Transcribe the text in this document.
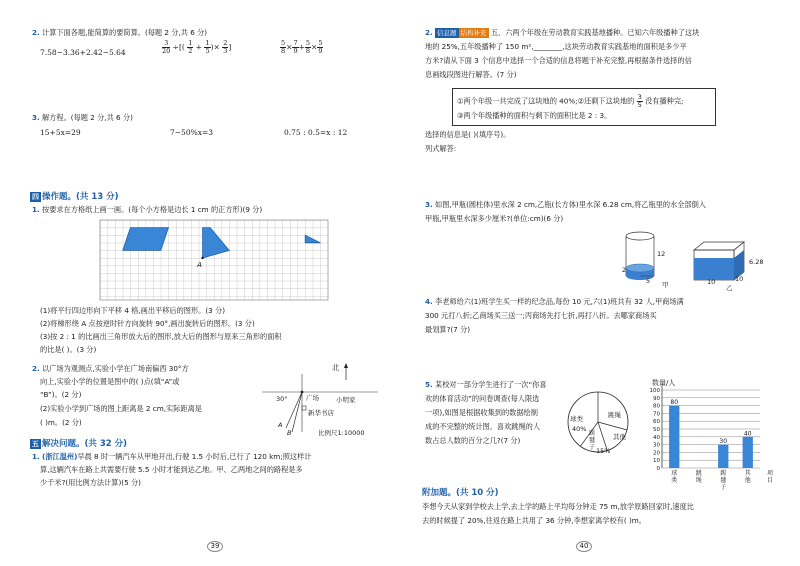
2. 计算下面各题,能简算的要简算。(每题 2 分,共 6 分)
7.58−3.36+2.42−5.64	$\frac{3}{20}$ ÷[( $\frac{1}{2} + \frac{1}{5}$ )× $\frac{2}{3}$ ]	$\frac{5}{8} \times \frac{7}{9} + \frac{5}{8} \times \frac{5}{9}$
3. 解方程。(每题 2 分,共 6 分)
15+5x=29	7−50%x=3	0.75 : 0.5=x : 12
四 操作题。(共 13 分)
1. 按要求在方格纸上画一画。(每个小方格是边长 1 cm 的正方形)(9 分)
A
(1)将平行四边形向下平移 4 格,画出平移后的图形。(3 分)
(2)将梯形绕 A 点按逆时针方向旋转 90°,画出旋转后的图形。(3 分)
(3)按 2 : 1 的比画出三角形放大后的图形,放大后的图形与原来三角形的面积
的比是( )。(3 分)
2. 以广场为观测点,实验小学在广场南偏西 30°方
向上,实验小学的位置是图中的( )点(填“A”或
“B”)。(2 分)
(2)实验小学到广场的图上距离是 2 cm,实际距离是
( )m。(2 分)
北
30°	广场	小明家
新华书店
A
B	比例尺1:10000
五 解决问题。(共 32 分)
1. (浙江温州)早晨 8 时一辆汽车从甲地开出,行驶 1.5 小时后,已行了 120 km;照这样计
算,这辆汽车在路上共需要行驶 5.5 小时才能到达乙地。甲、乙两地之间的路程是多
少千米?(用比例方法计算)(5 分)
39
2. 信息题 结构补充 五、六两个年级在劳动教育实践基地播种。已知六年级播种了这块
地的 25%,五年级播种了 150 m²,________,这块劳动教育实践基地的面积是多少平
方米?请从下面 3 个信息中选择一个合适的信息将题干补充完整,再根据条件选择的信
息画线段图进行解答。(7 分)
①两个年级一共完成了这块地的 40%;②还剩下这块地的 $\frac{3}{5}$ 没有播种完;
③两个年级播种的面积与剩下的面积比是 2 : 3。
选择的信息是( )(填序号)。
列式解答:
3. 如图,甲瓶(圆柱体)里水深 2 cm,乙瓶(长方体)里水深 6.28 cm,将乙瓶里的水全部倒入
甲瓶,甲瓶里水深多少厘米?(单位:cm)(6 分)
12
2
5
6.28
10	10
甲	乙
4. 李老师给六(1)班学生买一样的纪念品,每份 10 元,六(1)班共有 32 人,甲商场满
300 元打八折;乙商场买三送一;丙商场先打七折,再打八折。去哪家商场买
最划算?(7 分)
5. 某校对一部分学生进行了一次“你喜
欢的体育活动”的问卷调查(每人限选
一项),如图是根据收集到的数据绘制
成的不完整的统计图。喜欢跳绳的人
数占总人数的百分之几?(7 分)
球类
40%
跳绳
踢毽子 15%
其他
数量/人
0
10
20
30
40
50
60
70
80
90
100
80
30
40
球
类
跳
绳
踢
毽
子
其
他
项
目
附加题。(共 10 分)
李想今天从家到学校去上学,去上学的路上平均每分钟走 75 m,放学原路回家时,速度比
去的时候提了 20%,往返在路上共用了 36 分钟,李想家离学校有( )m。
40
